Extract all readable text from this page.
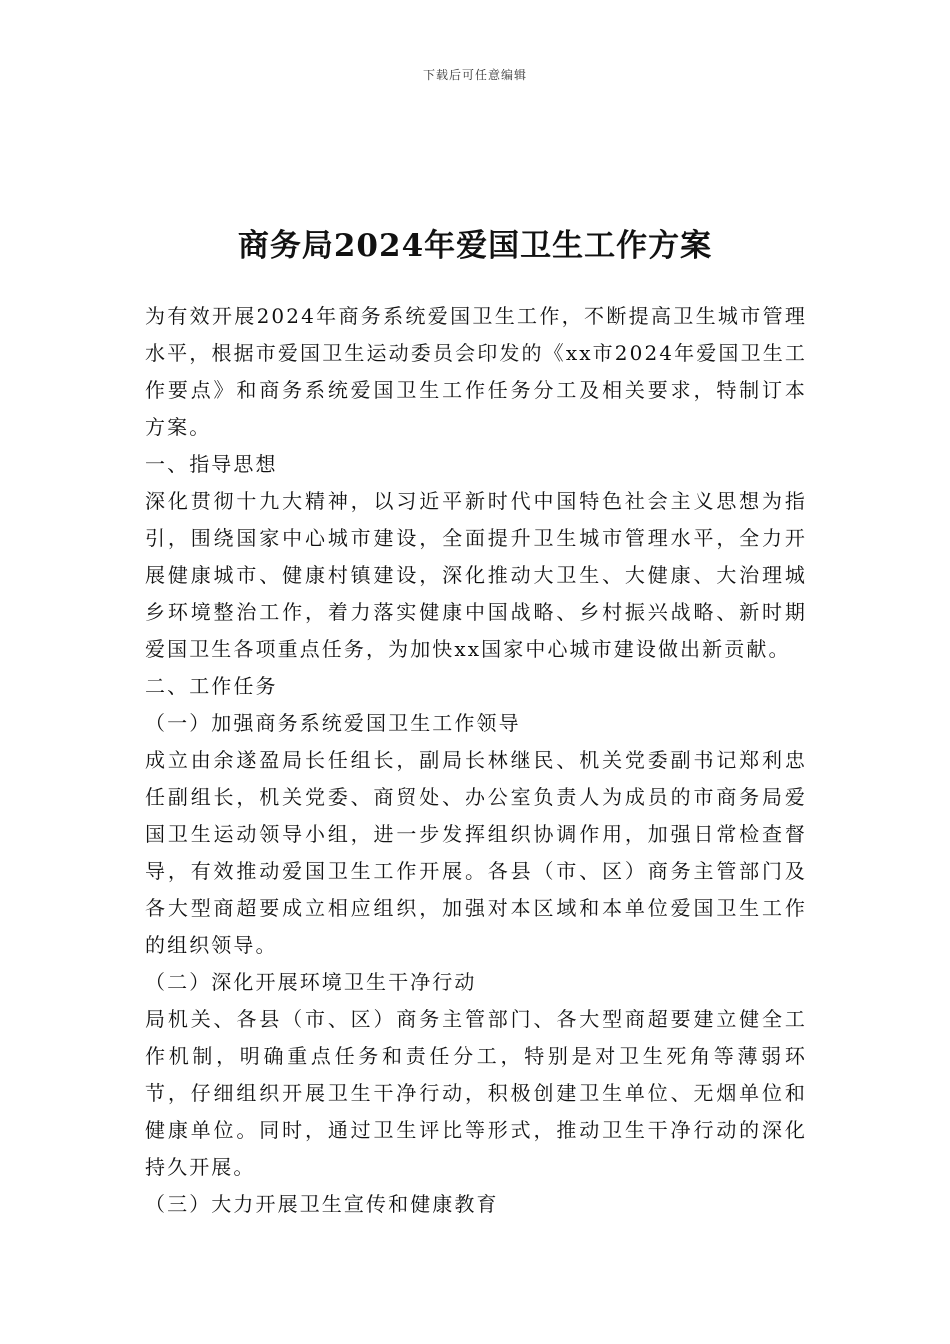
下载后可任意编辑
商务局2024年爱国卫生工作方案

为有效开展2024年商务系统爱国卫生工作，不断提高卫生城市管理水平，根据市爱国卫生运动委员会印发的《xx市2024年爱国卫生工作要点》和商务系统爱国卫生工作任务分工及相关要求，特制订本方案。

一、指导思想

深化贯彻十九大精神，以习近平新时代中国特色社会主义思想为指引，围绕国家中心城市建设，全面提升卫生城市管理水平，全力开展健康城市、健康村镇建设，深化推动大卫生、大健康、大治理城乡环境整治工作，着力落实健康中国战略、乡村振兴战略、新时期爱国卫生各项重点任务，为加快xx国家中心城市建设做出新贡献。

二、工作任务

（一）加强商务系统爱国卫生工作领导

成立由余遂盈局长任组长，副局长林继民、机关党委副书记郑利忠任副组长，机关党委、商贸处、办公室负责人为成员的市商务局爱国卫生运动领导小组，进一步发挥组织协调作用，加强日常检查督导，有效推动爱国卫生工作开展。各县（市、区）商务主管部门及各大型商超要成立相应组织，加强对本区域和本单位爱国卫生工作的组织领导。

（二）深化开展环境卫生干净行动

局机关、各县（市、区）商务主管部门、各大型商超要建立健全工作机制，明确重点任务和责任分工，特别是对卫生死角等薄弱环节，仔细组织开展卫生干净行动，积极创建卫生单位、无烟单位和健康单位。同时，通过卫生评比等形式，推动卫生干净行动的深化持久开展。

（三）大力开展卫生宣传和健康教育
